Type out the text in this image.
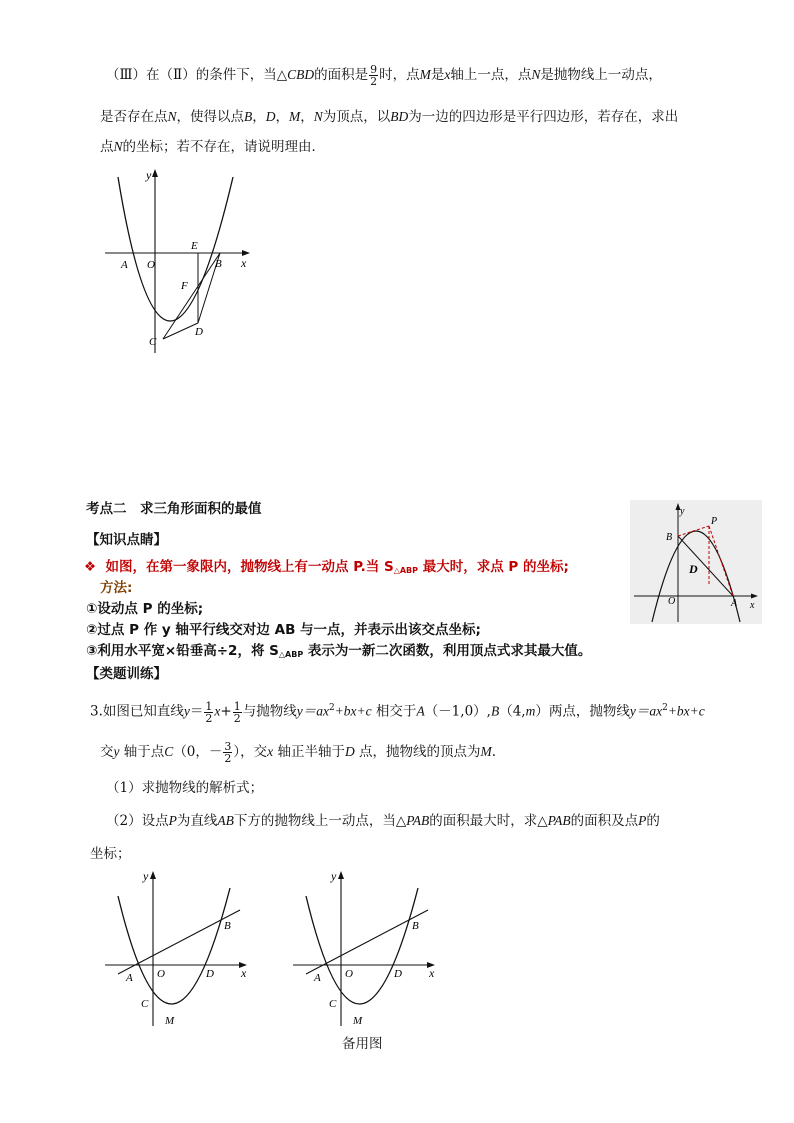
（Ⅲ）在（Ⅱ）的条件下，当△CBD的面积是 $\frac{9}{2}$ 时，点M是x轴上一点，点N是抛物线上一动点，
是否存在点N，使得以点B，D，M，N为顶点，以BD为一边的四边形是平行四边形，若存在，求出
点N的坐标；若不存在，请说明理由．
y
x
A O
E
B
F
D
C
考点二　求三角形面积的最值
【知识点睛】
❖ 如图，在第一象限内，抛物线上有一动点 P.当 $S_{\triangle ABP}$ 最大时，求点 P 的坐标;
方法:
①设动点 P 的坐标;
②过点 P 作 y 轴平行线交对边 AB 与一点，并表示出该交点坐标;
③利用水平宽×铅垂高÷2，将 $S_{\triangle ABP}$ 表示为一新二次函数，利用顶点式求其最大值。
【类题训练】
y
B
P
D
O	A x
3.如图已知直线$y= \frac{1}{2} x+ \frac{1}{2}$ 与抛物线$y=ax^2+bx+c$ 相交于A（－1,0）,B（4,m）两点，抛物线$y=ax^2+bx+c$
交y 轴于点C（0，－ $\frac{3}{2}$ ），交x 轴正半轴于D 点，抛物线的顶点为M.
（1）求抛物线的解析式；
（2）设点P为直线AB下方的抛物线上一动点，当△PAB的面积最大时，求△PAB的面积及点P的
坐标；
y
B
A O	D x
C
M
y
B
A O	D x
C
M
备用图
